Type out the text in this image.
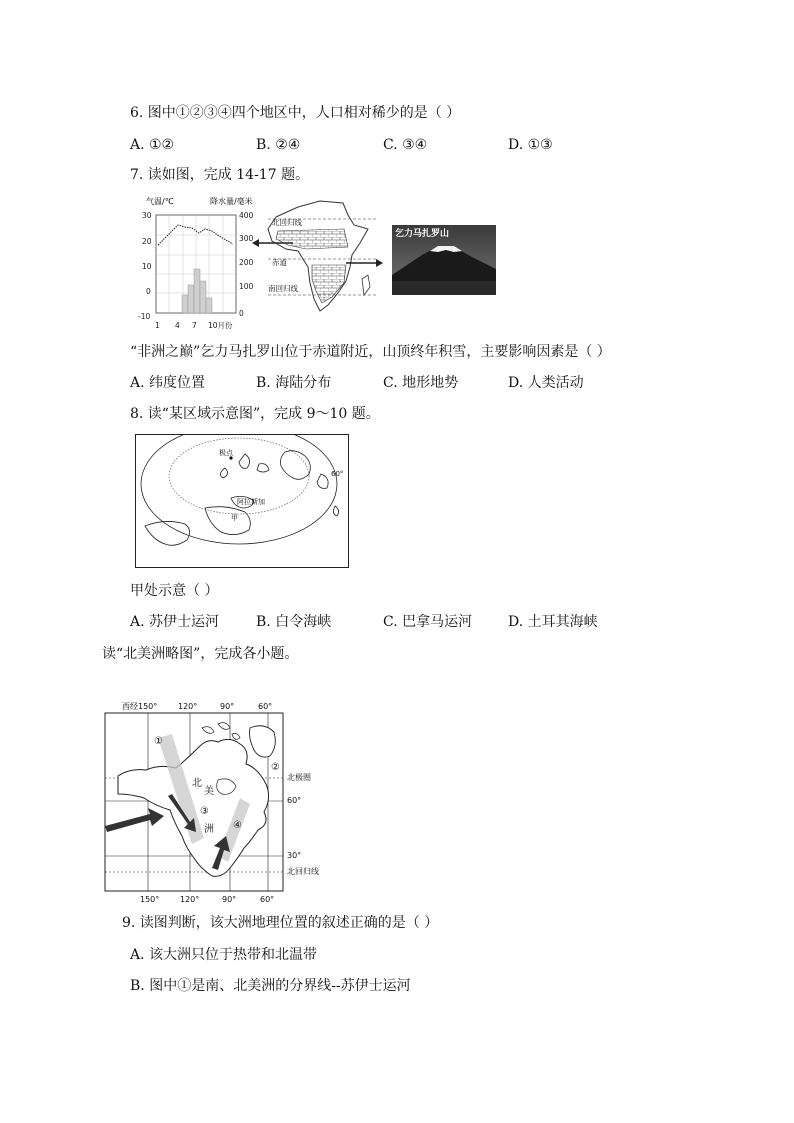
6. 图中①②③④四个地区中，人口相对稀少的是（ ）
A. ①②	B. ②④	C. ③④	D. ①③
7. 读如图，完成 14-17 题。
气温/℃	降水量/毫米
30
20
10
0
-10
400
300
200
100
0
1 4 7 10月份
北回归线
赤道
南回归线
乞力马扎罗山
“非洲之巅”乞力马扎罗山位于赤道附近，山顶终年积雪，主要影响因素是（ ）
A. 纬度位置	B. 海陆分布	C. 地形地势	D. 人类活动
8. 读“某区域示意图”，完成 9～10 题。
极点
阿拉斯加
甲
60°
甲处示意（ ）
A. 苏伊士运河	B. 白令海峡	C. 巴拿马运河	D. 土耳其海峡
读“北美洲略图”，完成各小题。
西经150°	120°	90°	60°
150°	120°	90°	60°
北极圈
60°
30°
北回归线
①
②
③
④
北
美
洲
9. 读图判断，该大洲地理位置的叙述正确的是（ ）
A. 该大洲只位于热带和北温带
B. 图中①是南、北美洲的分界线--苏伊士运河
